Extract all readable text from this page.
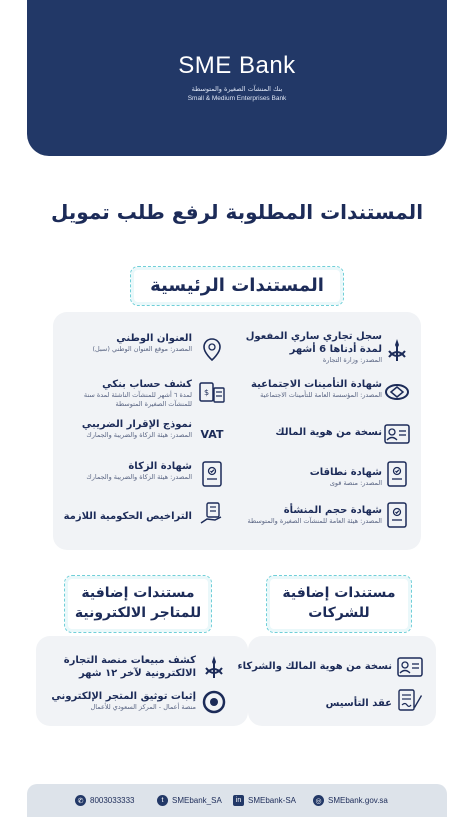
SME Bank
بنك المنشآت الصغيرة والمتوسطة
Small & Medium Enterprises Bank
المستندات المطلوبة لرفع طلب تمويل
المستندات الرئيسية
سجل تجاري ساري المفعول لمدة أدناها 6 أشهر
المصدر: وزارة التجارة
شهادة التأمينات الاجتماعية
المصدر: المؤسسة العامة للتأمينات الاجتماعية
نسخة من هوية المالك
شهادة نطاقات
المصدر: منصة قوى
شهادة حجم المنشأة
المصدر: هيئة العامة للمنشآت الصغيرة والمتوسطة
العنوان الوطني
المصدر: موقع العنوان الوطني (سبل)
كشف حساب بنكي
لمدة ٦ أشهر للمنشآت الناشئة لمدة سنة للمنشآت الصغيرة المتوسطة
$
نموذج الإقرار الضريبي
المصدر: هيئة الزكاة والضريبة والجمارك VAT
شهادة الزكاة
المصدر: هيئة الزكاة والضريبة والجمارك
التراخيص الحكومية اللازمة
مستندات إضافية
للشركات
مستندات إضافية
للمتاجر الالكترونية
نسخة من هوية المالك والشركاء
عقد التأسيس
كشف مبيعات منصة التجارة الالكترونية لآخر ١٢ شهر
إثبات توثيق المتجر الإلكتروني
منصة أعمال - المركز السعودي للأعمال
✆ 8003033333	t	SMEbank_SA	in SMEbank-SA	◎ SMEbank.gov.sa
